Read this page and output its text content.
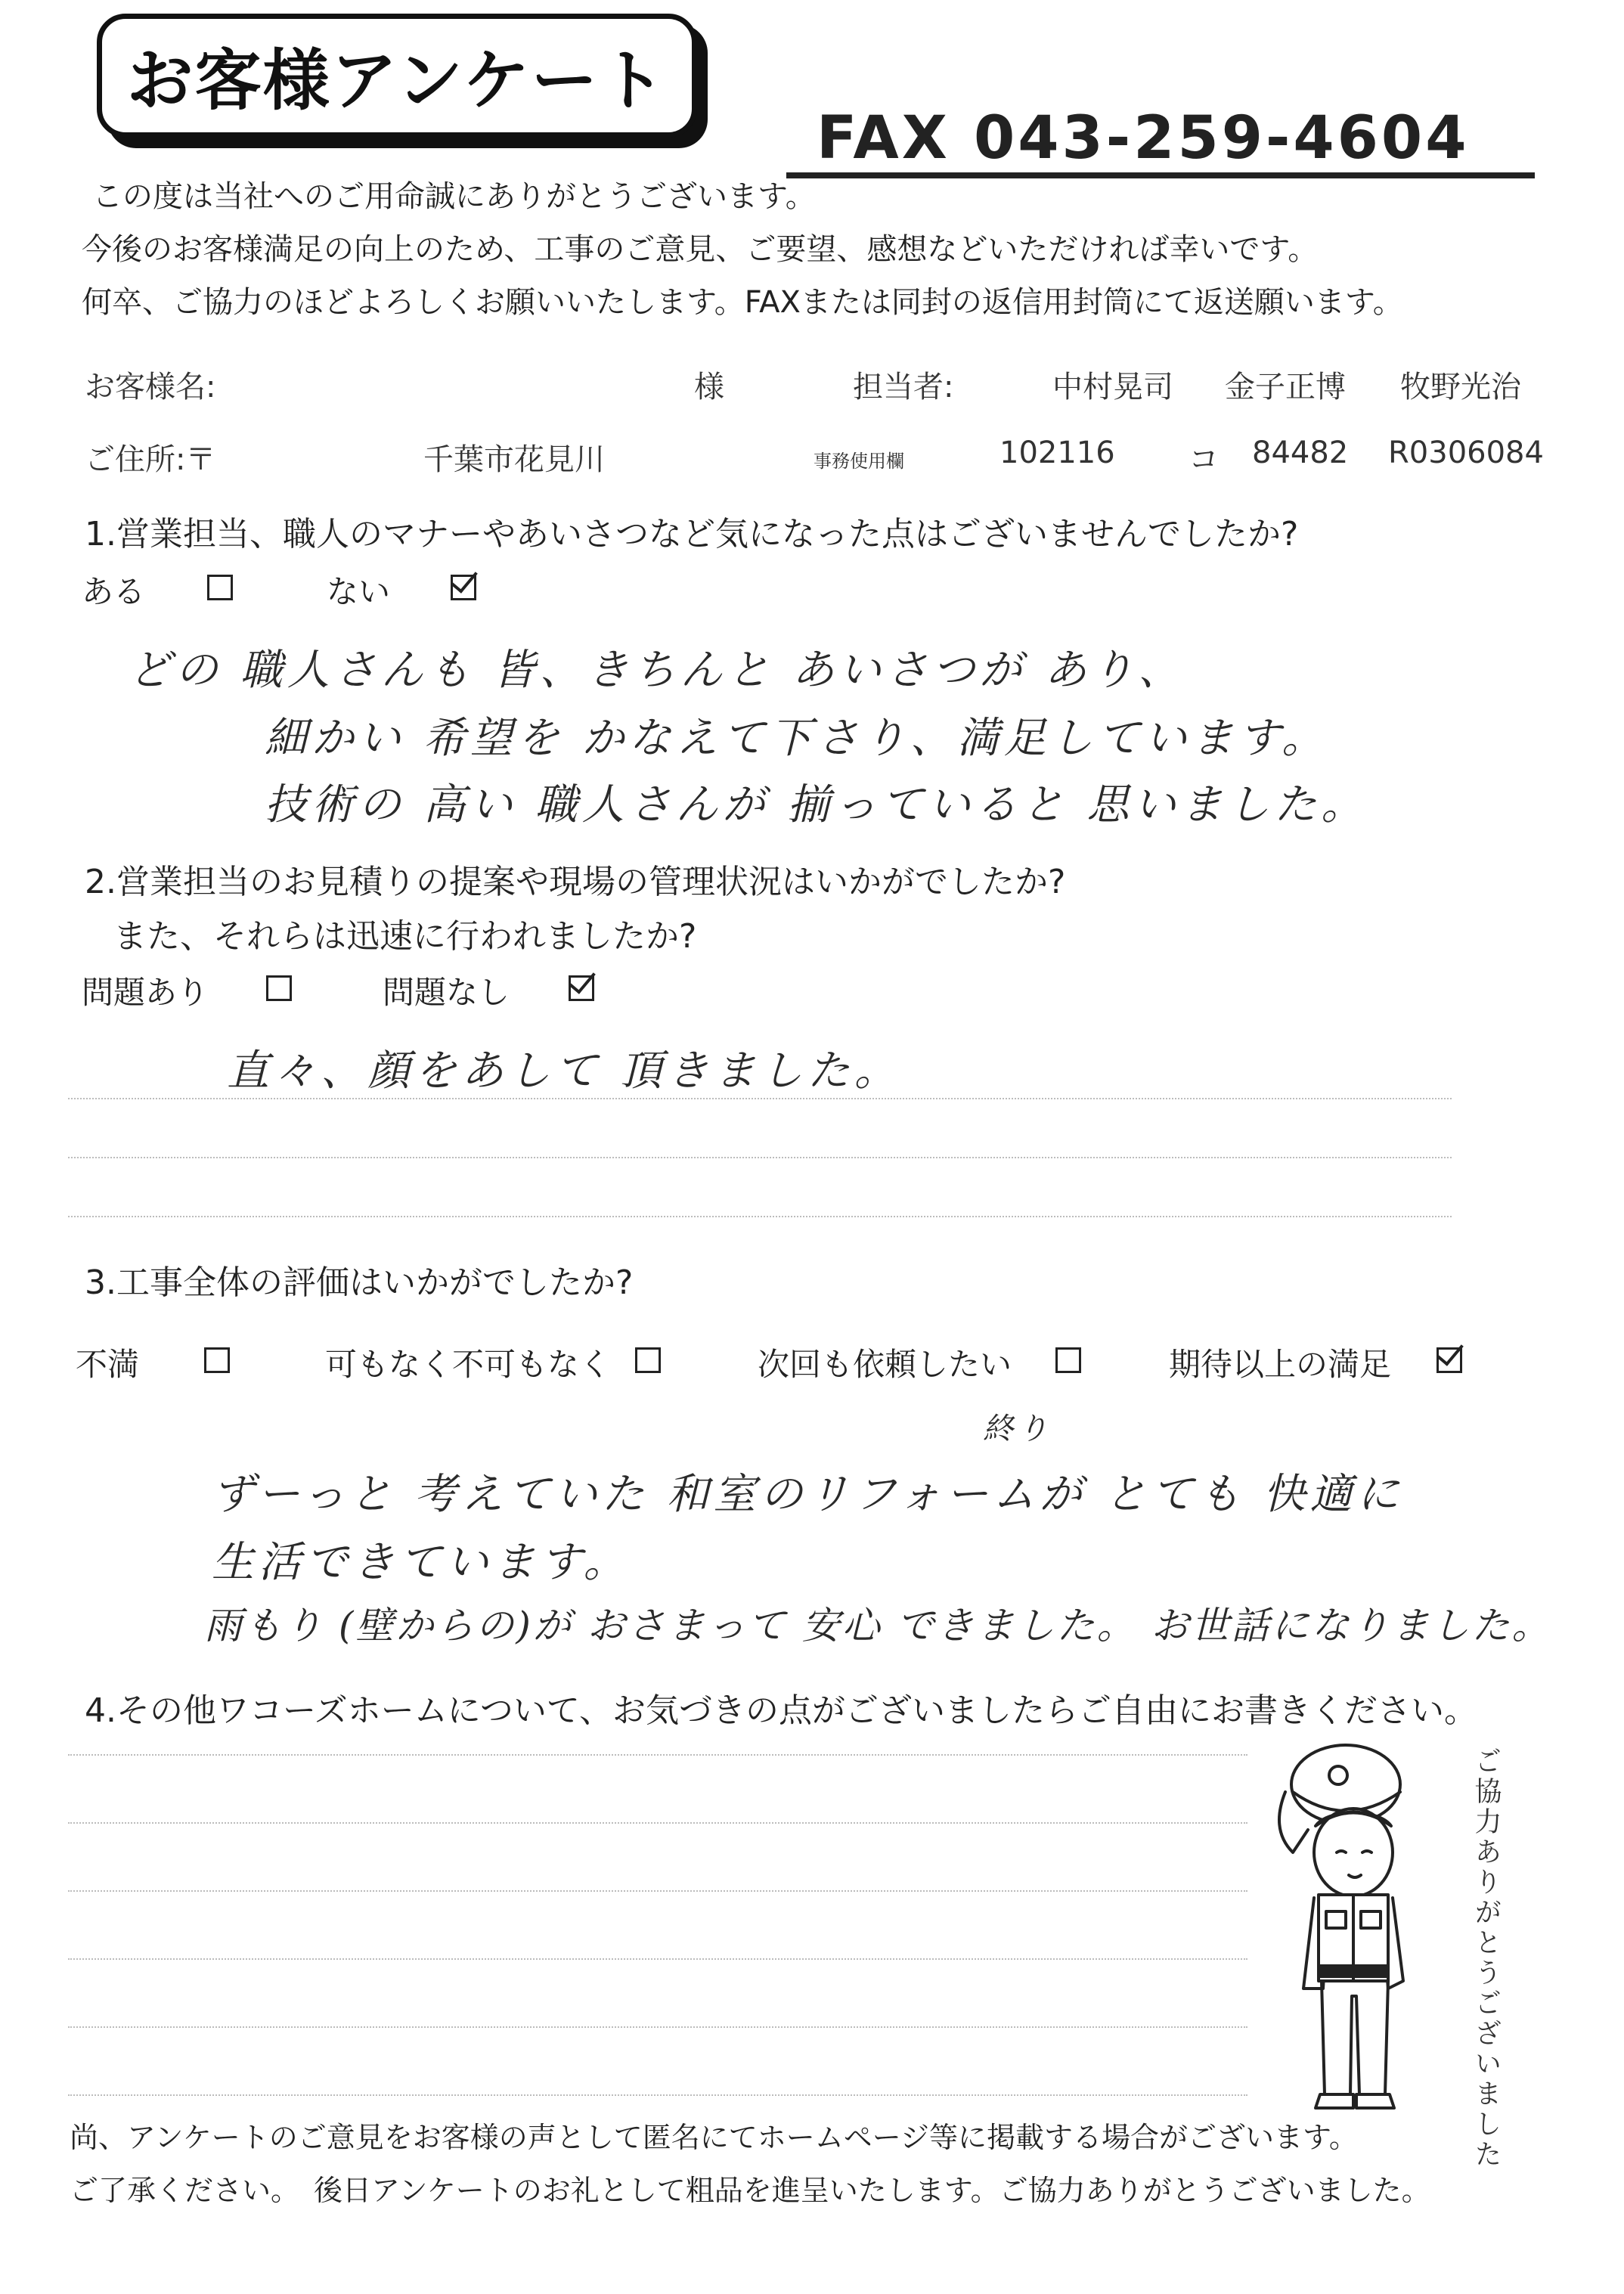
お客様アンケート
FAX 043-259-4604
この度は当社へのご用命誠にありがとうございます。
今後のお客様満足の向上のため、工事のご意見、ご要望、感想などいただければ幸いです。
何卒、ご協力のほどよろしくお願いいたします。FAXまたは同封の返信用封筒にて返送願います。
お客様名:	様	担当者:	中村晃司 金子正博 牧野光治
ご住所:〒	千葉市花見川	事務使用欄	102116 コ 84482 R0306084
1.営業担当、職人のマナーやあいさつなど気になった点はございませんでしたか?
ある	ない
どの 職人さんも 皆、きちんと あいさつが あり、
細かい 希望を かなえて下さり、満足しています。
技術の 高い 職人さんが 揃っていると 思いました。
2.営業担当のお見積りの提案や現場の管理状況はいかがでしたか?
また、それらは迅速に行われましたか?
問題あり	問題なし
直々、顔をあして 頂きました。
3.工事全体の評価はいかがでしたか?
不満	可もなく不可もなく	次回も依頼したい	期待以上の満足
終り
ずーっと 考えていた 和室のリフォームが とても 快適に
生活できています。
雨もり (壁からの)が おさまって 安心 できました。 お世話になりました。
4.その他ワコーズホームについて、お気づきの点がございましたらご自由にお書きください。
ご協力ありがとうございました
尚、アンケートのご意見をお客様の声として匿名にてホームページ等に掲載する場合がございます。
ご了承ください。　後日アンケートのお礼として粗品を進呈いたします。ご協力ありがとうございました。
